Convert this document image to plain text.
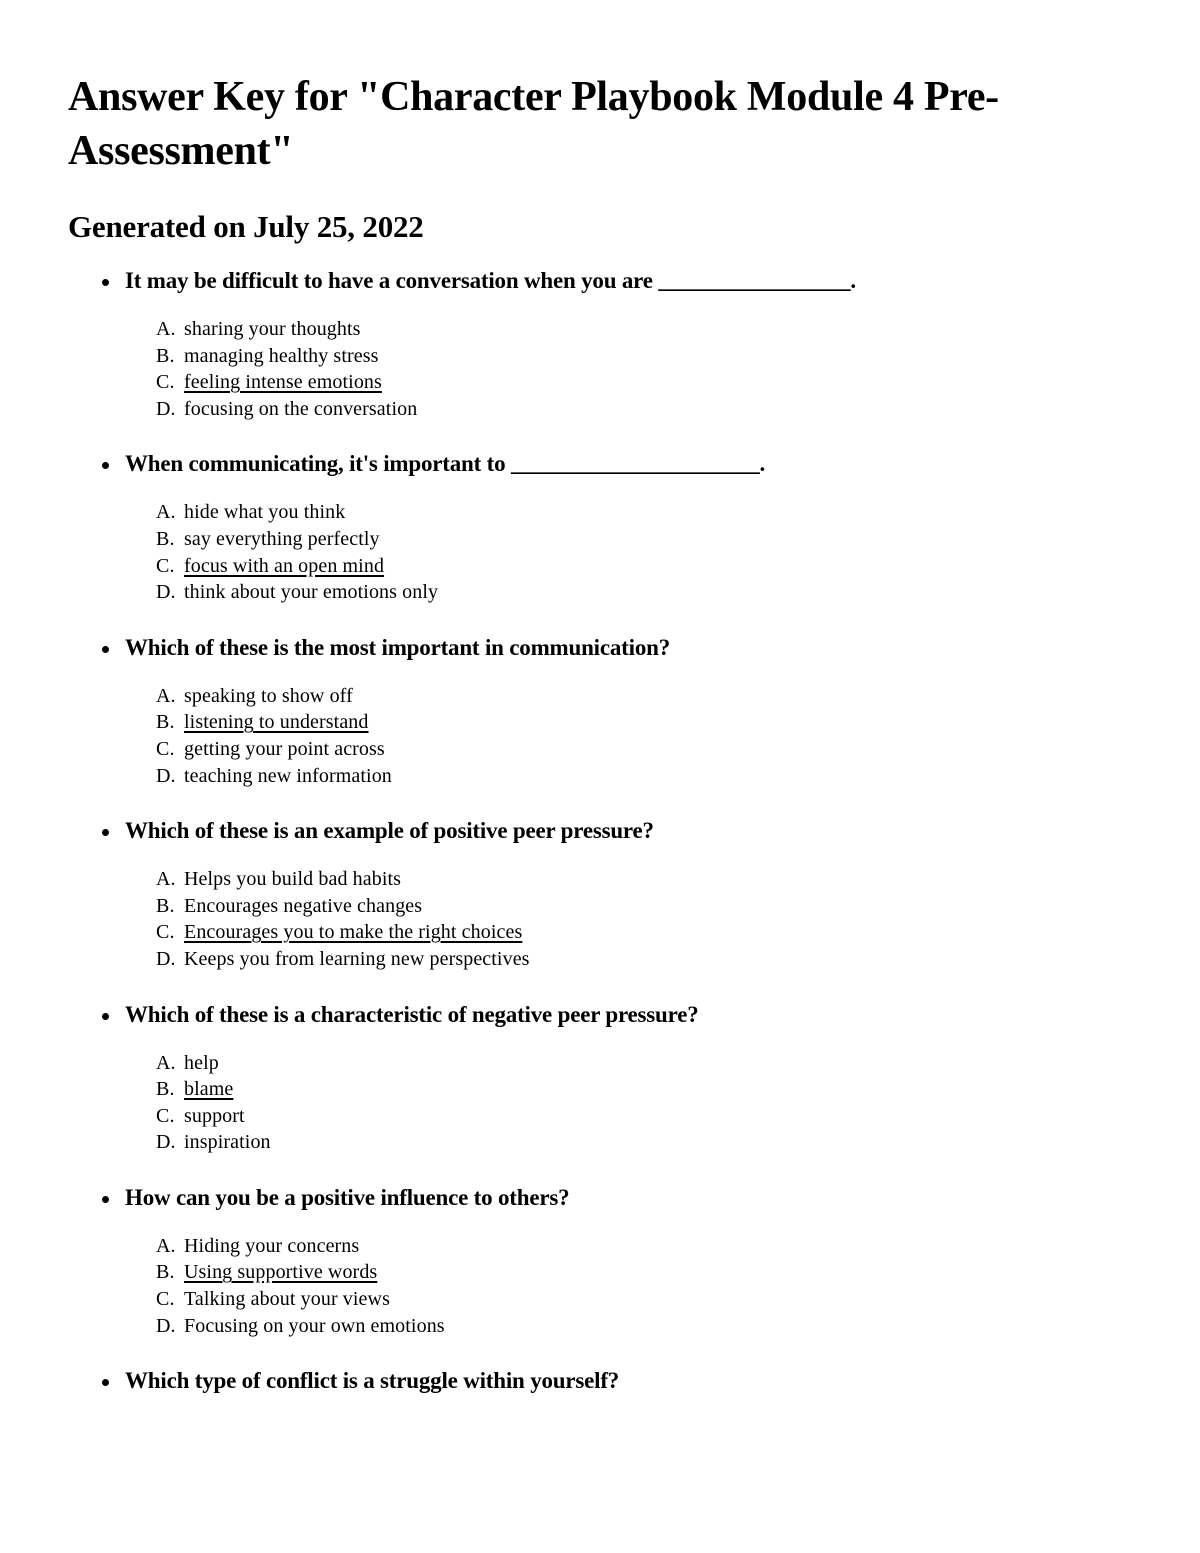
Answer Key for "Character Playbook Module 4 Pre-Assessment"
Generated on July 25, 2022
It may be difficult to have a conversation when you are _________________.
A. sharing your thoughts
B. managing healthy stress
C. feeling intense emotions
D. focusing on the conversation
When communicating, it's important to ______________________.
A. hide what you think
B. say everything perfectly
C. focus with an open mind
D. think about your emotions only
Which of these is the most important in communication?
A. speaking to show off
B. listening to understand
C. getting your point across
D. teaching new information
Which of these is an example of positive peer pressure?
A. Helps you build bad habits
B. Encourages negative changes
C. Encourages you to make the right choices
D. Keeps you from learning new perspectives
Which of these is a characteristic of negative peer pressure?
A. help
B. blame
C. support
D. inspiration
How can you be a positive influence to others?
A. Hiding your concerns
B. Using supportive words
C. Talking about your views
D. Focusing on your own emotions
Which type of conflict is a struggle within yourself?
